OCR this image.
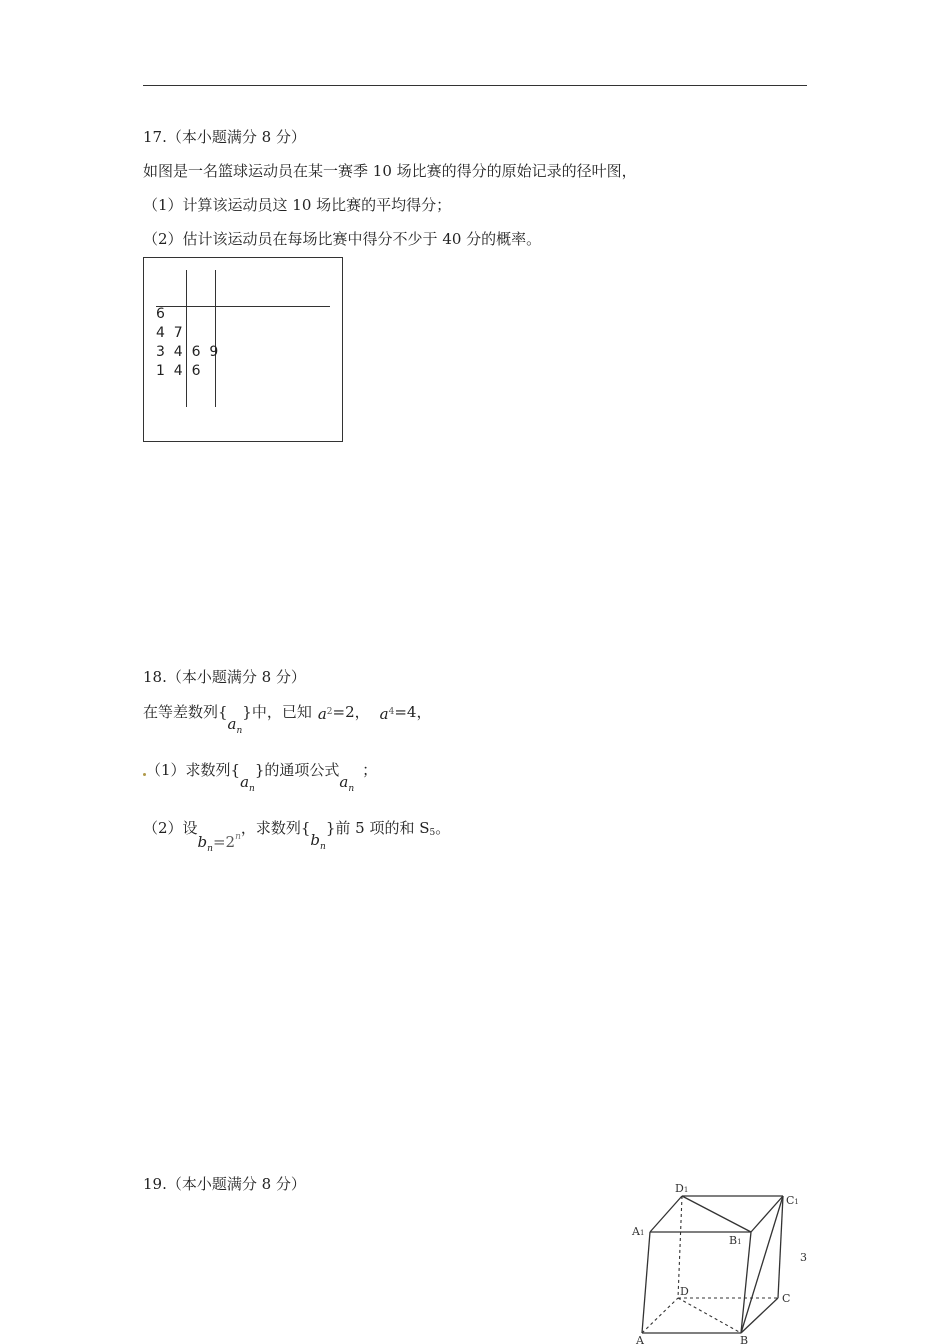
17.（本小题满分 8 分）
如图是一名篮球运动员在某一赛季 10 场比赛的得分的原始记录的径叶图，
（1）计算该运动员这 10 场比赛的平均得分；
（2）估计该运动员在每场比赛中得分不少于 40 分的概率。
6
4  7
3  4  6  9
1  4  6
18.（本小题满分 8 分）
在等差数列$\{a_n\}$中，已知 $a^2=2$， $a^4=4$，
（1）求数列$\{a_n\}$的通项公式$a_n$；
（2）设$b_n=2_n$，求数列$\{b_n\}$前 5 项的和 S5。
19.（本小题满分 8 分）	D1
C1
A1
B1
3
D
C
A	B
